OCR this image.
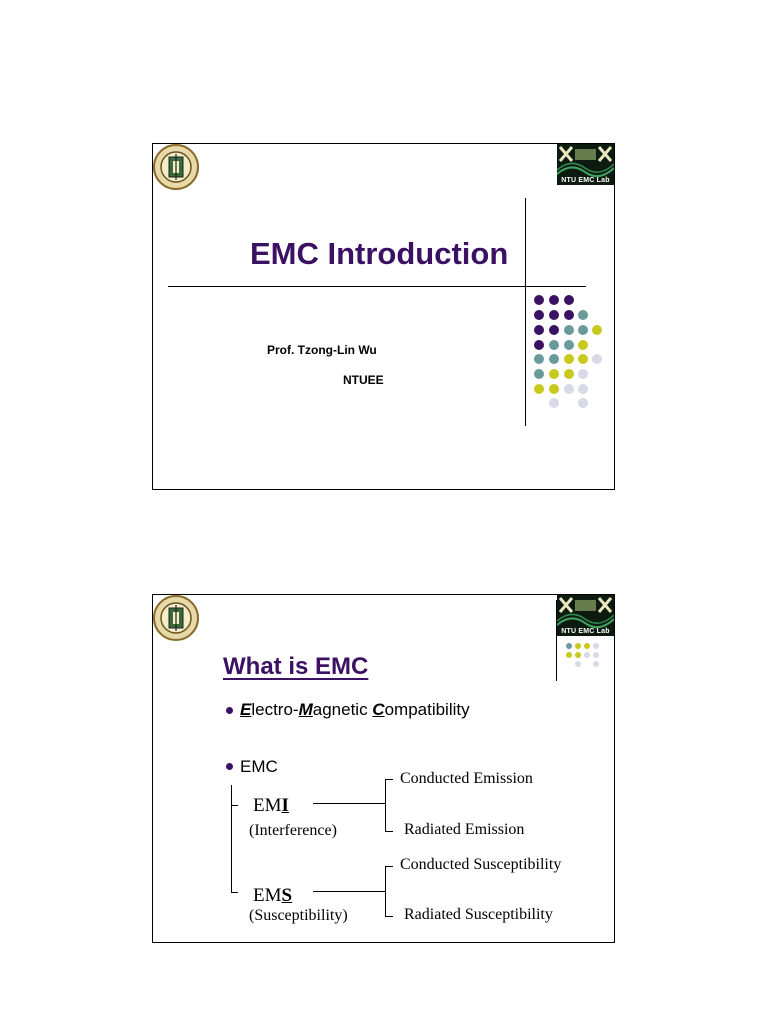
NTU EMC Lab
EMC Introduction
Prof. Tzong-Lin Wu
NTUEE
NTU EMC Lab
What is EMC
Electro-Magnetic Compatibility
EMC
EMI
(Interference)
EMS
(Susceptibility)
Conducted Emission
Radiated Emission
Conducted Susceptibility
Radiated Susceptibility
